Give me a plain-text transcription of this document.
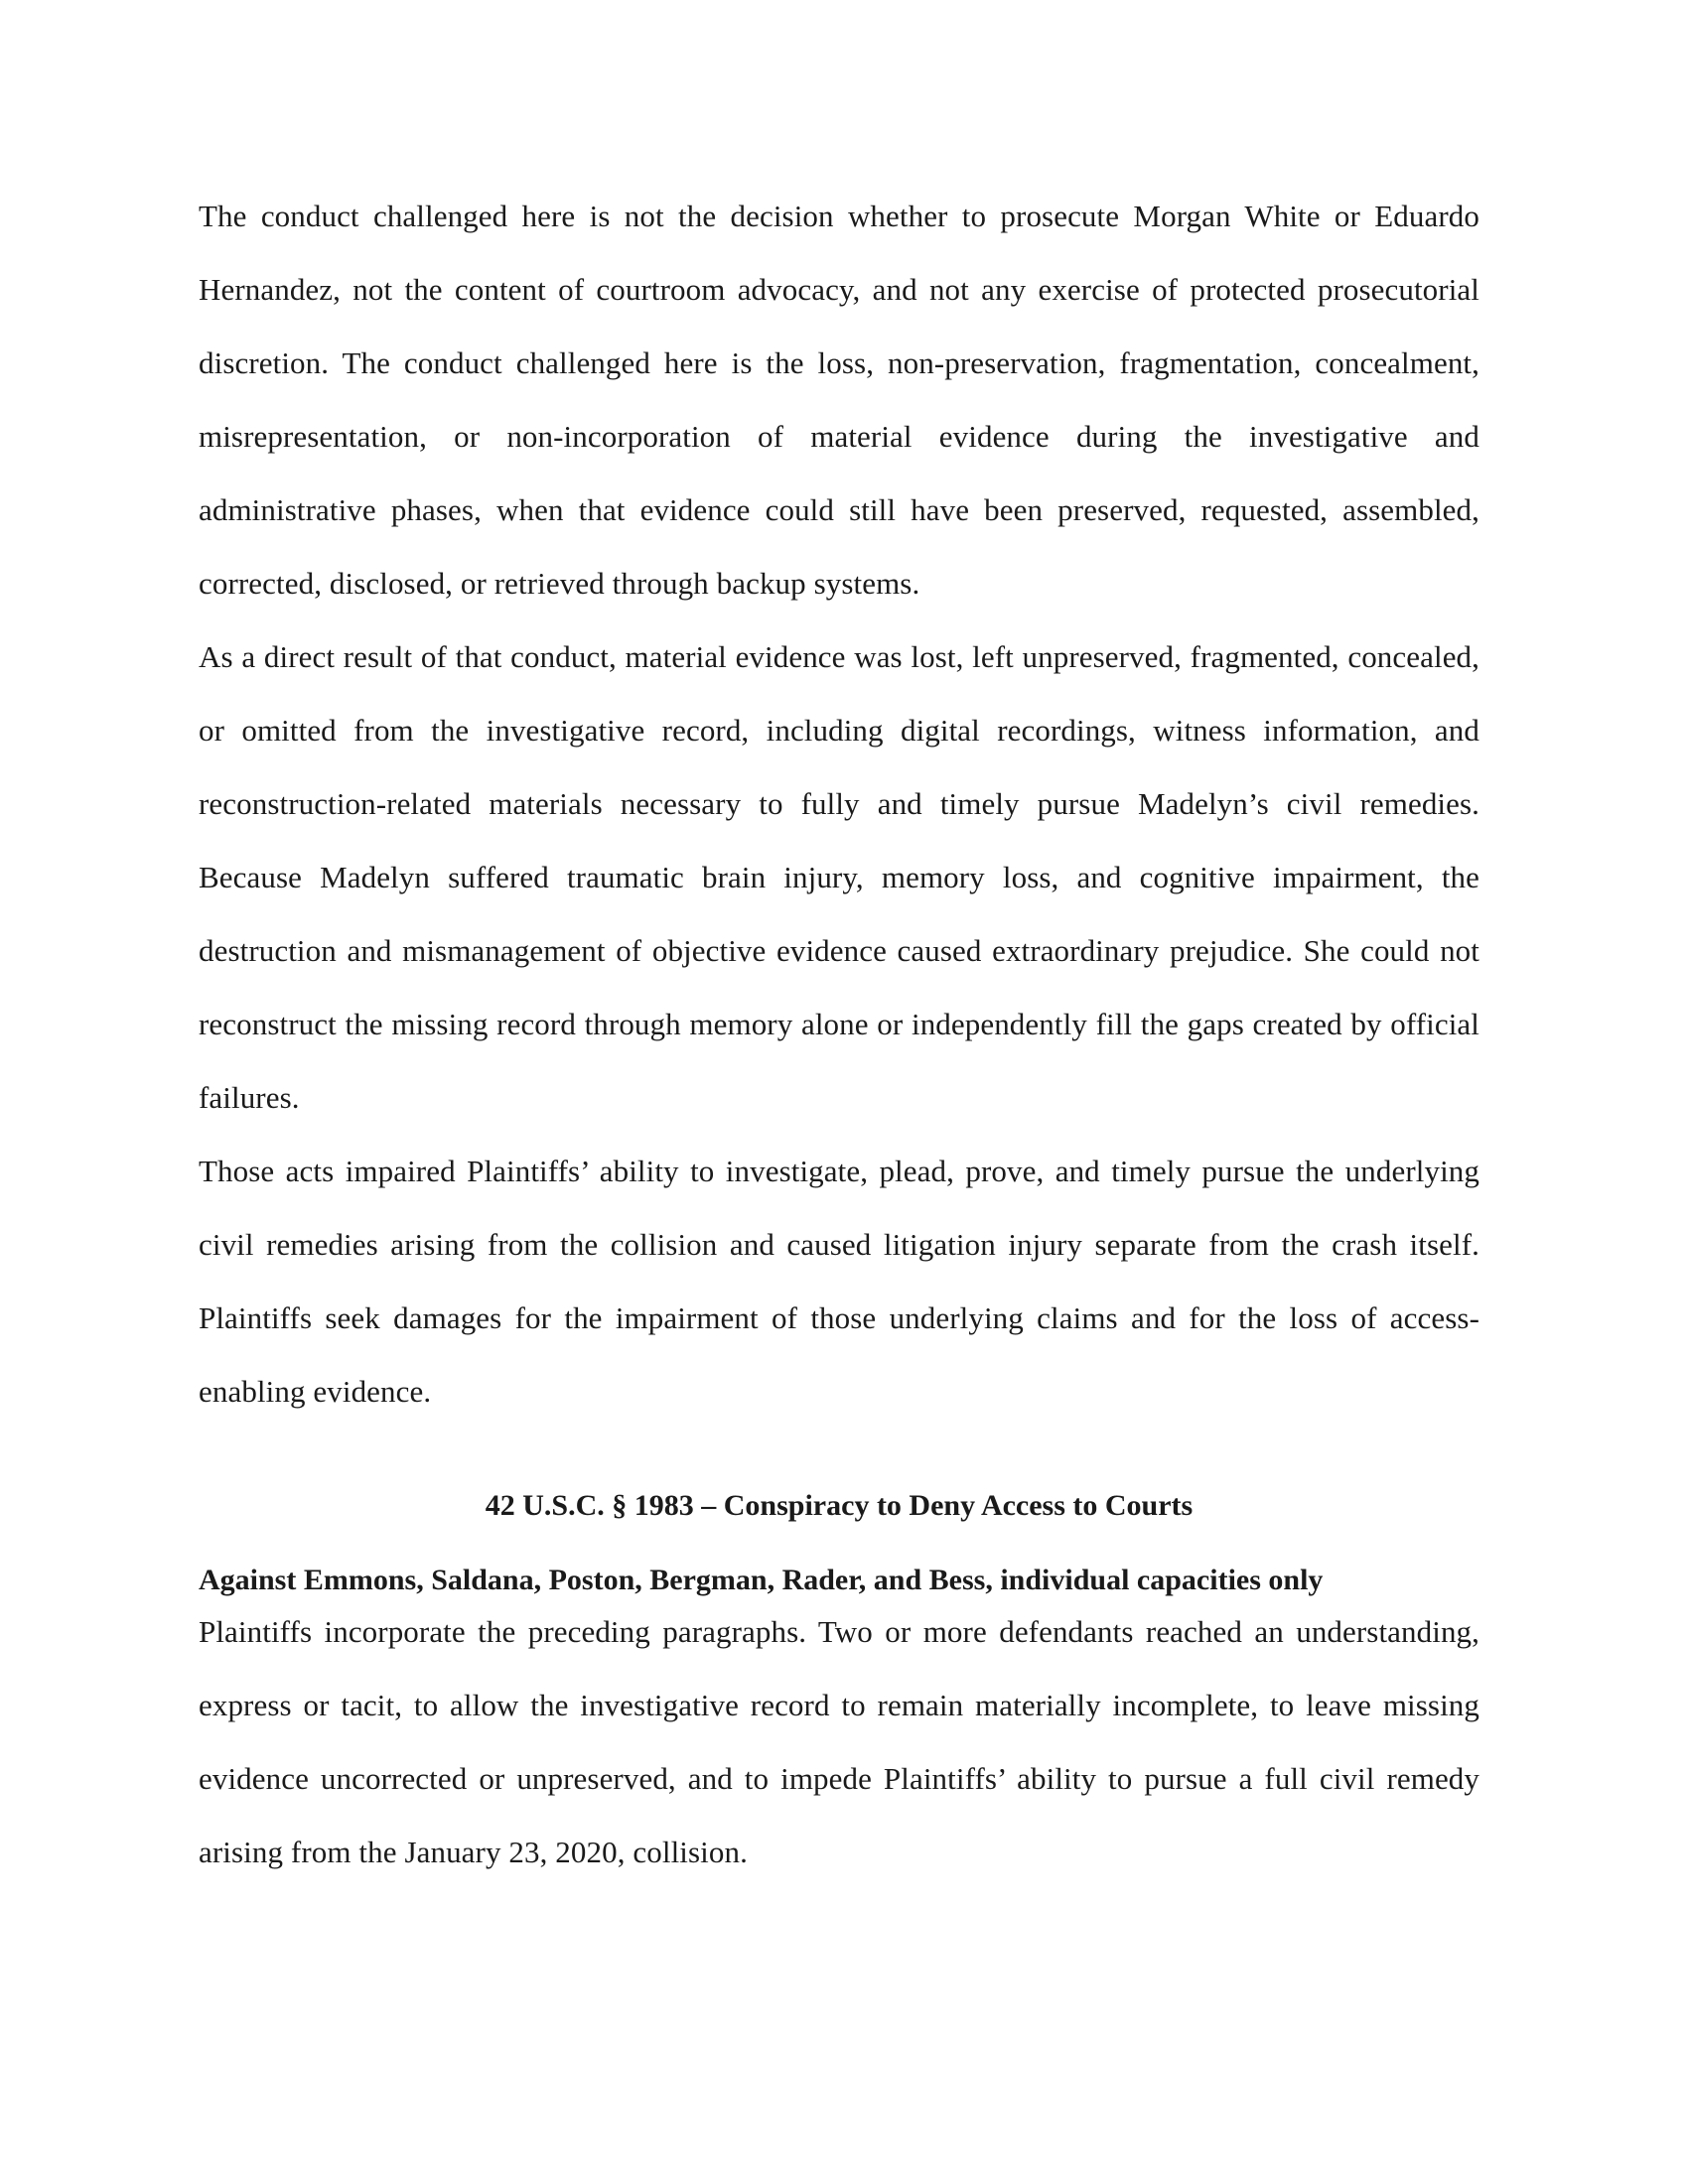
The conduct challenged here is not the decision whether to prosecute Morgan White or Eduardo Hernandez, not the content of courtroom advocacy, and not any exercise of protected prosecutorial discretion. The conduct challenged here is the loss, non-preservation, fragmentation, concealment, misrepresentation, or non-incorporation of material evidence during the investigative and administrative phases, when that evidence could still have been preserved, requested, assembled, corrected, disclosed, or retrieved through backup systems.

As a direct result of that conduct, material evidence was lost, left unpreserved, fragmented, concealed, or omitted from the investigative record, including digital recordings, witness information, and reconstruction-related materials necessary to fully and timely pursue Madelyn’s civil remedies. Because Madelyn suffered traumatic brain injury, memory loss, and cognitive impairment, the destruction and mismanagement of objective evidence caused extraordinary prejudice. She could not reconstruct the missing record through memory alone or independently fill the gaps created by official failures.

Those acts impaired Plaintiffs’ ability to investigate, plead, prove, and timely pursue the underlying civil remedies arising from the collision and caused litigation injury separate from the crash itself. Plaintiffs seek damages for the impairment of those underlying claims and for the loss of access-enabling evidence.

42 U.S.C. § 1983 – Conspiracy to Deny Access to Courts
Against Emmons, Saldana, Poston, Bergman, Rader, and Bess, individual capacities only

Plaintiffs incorporate the preceding paragraphs. Two or more defendants reached an understanding, express or tacit, to allow the investigative record to remain materially incomplete, to leave missing evidence uncorrected or unpreserved, and to impede Plaintiffs’ ability to pursue a full civil remedy arising from the January 23, 2020, collision.
